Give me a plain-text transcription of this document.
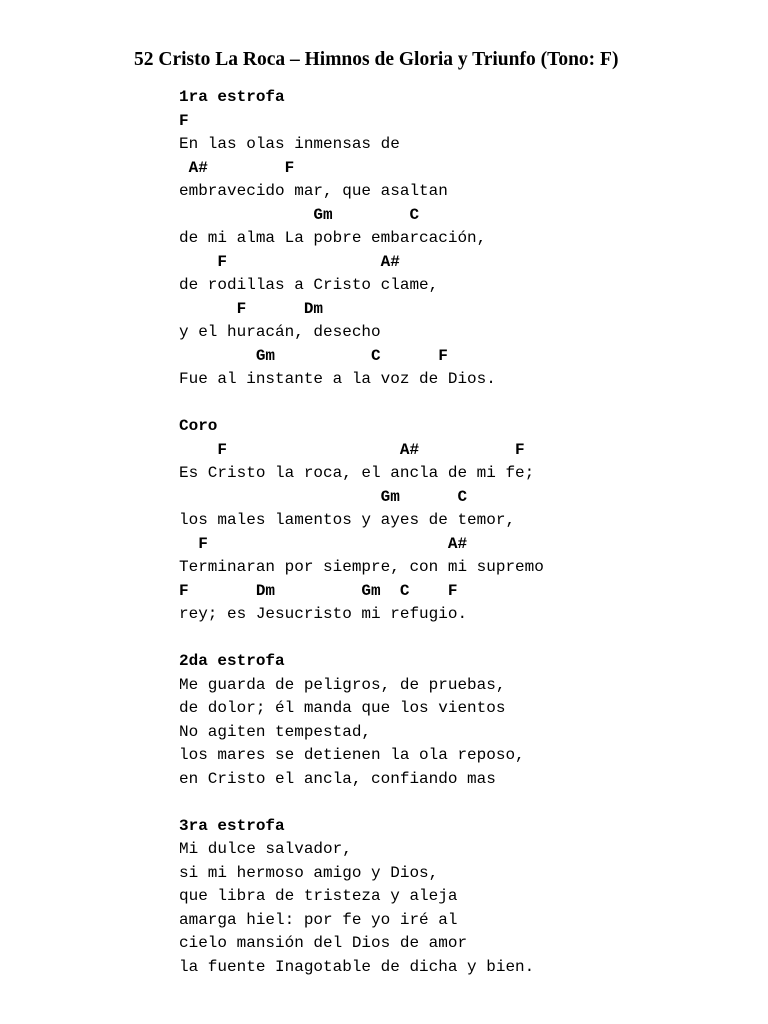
52 Cristo La Roca – Himnos de Gloria y Triunfo (Tono: F)
1ra estrofa
F
En las olas inmensas de
A#        F
embravecido mar, que asaltan
Gm        C
de mi alma La pobre embarcación,
F                A#
de rodillas a Cristo clame,
F      Dm
y el huracán, desecho
Gm          C      F
Fue al instante a la voz de Dios.
Coro
F                  A#          F
Es Cristo la roca, el ancla de mi fe;
Gm      C
los males lamentos y ayes de temor,
F                         A#
Terminaran por siempre, con mi supremo
F       Dm         Gm  C    F
rey; es Jesucristo mi refugio.
2da estrofa
Me guarda de peligros, de pruebas,
de dolor; él manda que los vientos
No agiten tempestad,
los mares se detienen la ola reposo,
en Cristo el ancla, confiando mas
3ra estrofa
Mi dulce salvador,
si mi hermoso amigo y Dios,
que libra de tristeza y aleja
amarga hiel: por fe yo iré al
cielo mansión del Dios de amor
la fuente Inagotable de dicha y bien.
